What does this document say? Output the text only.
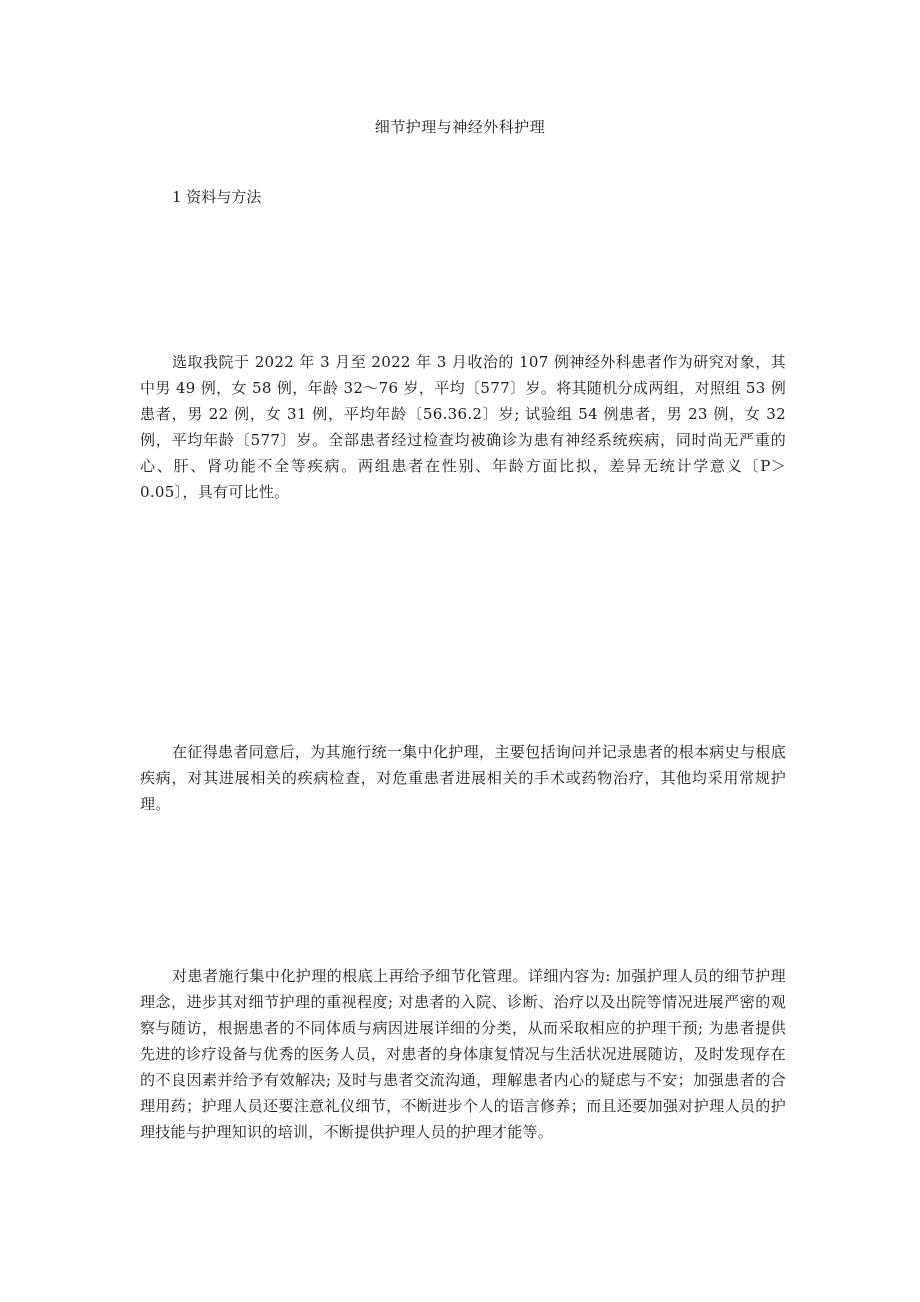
细节护理与神经外科护理
1 资料与方法

选取我院于 2022 年 3 月至 2022 年 3 月收治的 107 例神经外科患者作为研究对象，其中男 49 例，女 58 例，年龄 32～76 岁，平均〔577〕岁。将其随机分成两组，对照组 53 例患者，男 22 例，女 31 例，平均年龄〔56.36.2〕岁; 试验组 54 例患者，男 23 例，女 32 例，平均年龄〔577〕岁。全部患者经过检查均被确诊为患有神经系统疾病，同时尚无严重的心、肝、肾功能不全等疾病。两组患者在性别、年龄方面比拟，差异无统计学意义〔P＞0.05〕，具有可比性。

在征得患者同意后，为其施行统一集中化护理，主要包括询问并记录患者的根本病史与根底疾病，对其进展相关的疾病检查，对危重患者进展相关的手术或药物治疗，其他均采用常规护理。

对患者施行集中化护理的根底上再给予细节化管理。详细内容为: 加强护理人员的细节护理理念，进步其对细节护理的重视程度; 对患者的入院、诊断、治疗以及出院等情况进展严密的观察与随访，根据患者的不同体质与病因进展详细的分类，从而采取相应的护理干预; 为患者提供先进的诊疗设备与优秀的医务人员，对患者的身体康复情况与生活状况进展随访，及时发现存在的不良因素并给予有效解决; 及时与患者交流沟通，理解患者内心的疑虑与不安；加强患者的合理用药；护理人员还要注意礼仪细节，不断进步个人的语言修养；而且还要加强对护理人员的护理技能与护理知识的培训，不断提供护理人员的护理才能等。
